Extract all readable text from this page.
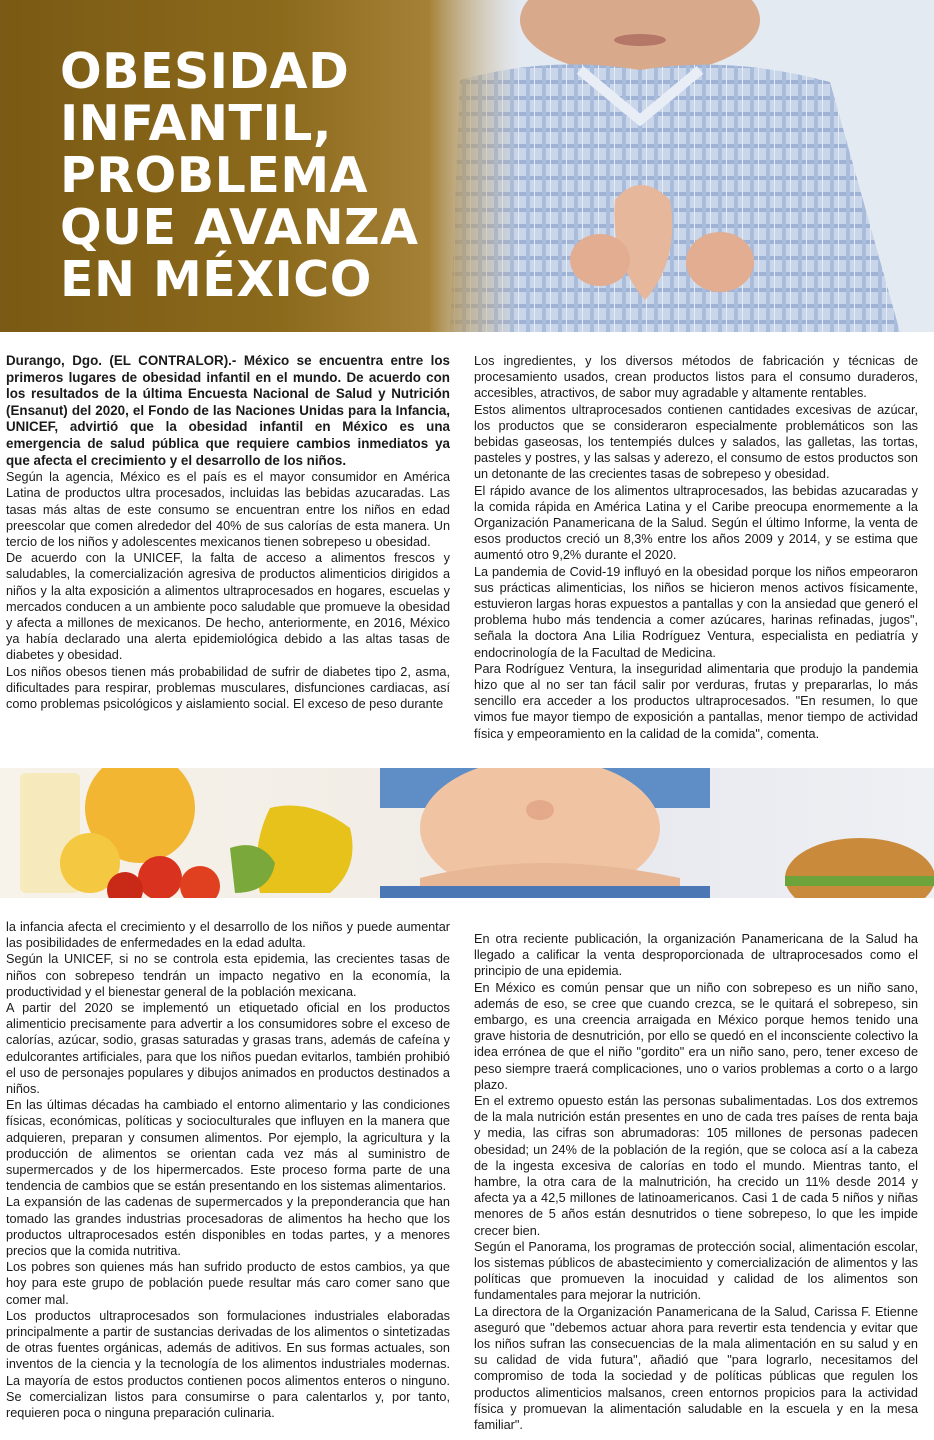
OBESIDAD
INFANTIL,
PROBLEMA
QUE AVANZA
EN MÉXICO

Durango, Dgo. (EL CONTRALOR).- México se encuentra entre los primeros lugares de obesidad infantil en el mundo. De acuerdo con los resultados de la última Encuesta Nacional de Salud y Nutrición (Ensanut) del 2020, el Fondo de las Naciones Unidas para la Infancia, UNICEF, advirtió que la obesidad infantil en México es una emergencia de salud pública que requiere cambios inmediatos ya que afecta el crecimiento y el desarrollo de los niños.

Según la agencia, México es el país es el mayor consumidor en América Latina de productos ultra procesados, incluidas las bebidas azucaradas. Las tasas más altas de este consumo se encuentran entre los niños en edad preescolar que comen alrededor del 40% de sus calorías de esta manera. Un tercio de los niños y adolescentes mexicanos tienen sobrepeso u obesidad.

De acuerdo con la UNICEF, la falta de acceso a alimentos frescos y saludables, la comercialización agresiva de productos alimenticios dirigidos a niños y la alta exposición a alimentos ultraprocesados en hogares, escuelas y mercados conducen a un ambiente poco saludable que promueve la obesidad y afecta a millones de mexicanos. De hecho, anteriormente, en 2016, México ya había declarado una alerta epidemiológica debido a las altas tasas de diabetes y obesidad.

Los niños obesos tienen más probabilidad de sufrir de diabetes tipo 2, asma, dificultades para respirar, problemas musculares, disfunciones cardiacas, así como problemas psicológicos y aislamiento social. El exceso de peso durante

Los ingredientes, y los diversos métodos de fabricación y técnicas de procesamiento usados, crean productos listos para el consumo duraderos, accesibles, atractivos, de sabor muy agradable y altamente rentables.

Estos alimentos ultraprocesados contienen cantidades excesivas de azúcar, los productos que se consideraron especialmente problemáticos son las bebidas gaseosas, los tentempiés dulces y salados, las galletas, las tortas, pasteles y postres, y las salsas y aderezo, el consumo de estos productos son un detonante de las crecientes tasas de sobrepeso y obesidad.

El rápido avance de los alimentos ultraprocesados, las bebidas azucaradas y la comida rápida en América Latina y el Caribe preocupa enormemente a la Organización Panamericana de la Salud. Según el último Informe, la venta de esos productos creció un 8,3% entre los años 2009 y 2014, y se estima que aumentó otro 9,2% durante el 2020.

La pandemia de Covid-19 influyó en la obesidad porque los niños empeoraron sus prácticas alimenticias, los niños se hicieron menos activos físicamente, estuvieron largas horas expuestos a pantallas y con la ansiedad que generó el problema hubo más tendencia a comer azúcares, harinas refinadas, jugos", señala la doctora Ana Lilia Rodríguez Ventura, especialista en pediatría y endocrinología de la Facultad de Medicina.

Para Rodríguez Ventura, la inseguridad alimentaria que produjo la pandemia hizo que al no ser tan fácil salir por verduras, frutas y prepararlas, lo más sencillo era acceder a los productos ultraprocesados. "En resumen, lo que vimos fue mayor tiempo de exposición a pantallas, menor tiempo de actividad física y empeoramiento en la calidad de la comida", comenta.

la infancia afecta el crecimiento y el desarrollo de los niños y puede aumentar las posibilidades de enfermedades en la edad adulta.

Según la UNICEF, si no se controla esta epidemia, las crecientes tasas de niños con sobrepeso tendrán un impacto negativo en la economía, la productividad y el bienestar general de la población mexicana.

A partir del 2020 se implementó un etiquetado oficial en los productos alimenticio precisamente para advertir a los consumidores sobre el exceso de calorías, azúcar, sodio, grasas saturadas y grasas trans, además de cafeína y edulcorantes artificiales, para que los niños puedan evitarlos, también prohibió el uso de personajes populares y dibujos animados en productos destinados a niños.

En las últimas décadas ha cambiado el entorno alimentario y las condiciones físicas, económicas, políticas y socioculturales que influyen en la manera que adquieren, preparan y consumen alimentos. Por ejemplo, la agricultura y la producción de alimentos se orientan cada vez más al suministro de supermercados y de los hipermercados. Este proceso forma parte de una tendencia de cambios que se están presentando en los sistemas alimentarios.

La expansión de las cadenas de supermercados y la preponderancia que han tomado las grandes industrias procesadoras de alimentos ha hecho que los productos ultraprocesados estén disponibles en todas partes, y a menores precios que la comida nutritiva.

Los pobres son quienes más han sufrido producto de estos cambios, ya que hoy para este grupo de población puede resultar más caro comer sano que comer mal.

Los productos ultraprocesados son formulaciones industriales elaboradas principalmente a partir de sustancias derivadas de los alimentos o sintetizadas de otras fuentes orgánicas, además de aditivos. En sus formas actuales, son inventos de la ciencia y la tecnología de los alimentos industriales modernas. La mayoría de estos productos contienen pocos alimentos enteros o ninguno. Se comercializan listos para consumirse o para calentarlos y, por tanto, requieren poca o ninguna preparación culinaria.

En otra reciente publicación, la organización Panamericana de la Salud ha llegado a calificar la venta desproporcionada de ultraprocesados como el principio de una epidemia.

En México es común pensar que un niño con sobrepeso es un niño sano, además de eso, se cree que cuando crezca, se le quitará el sobrepeso, sin embargo, es una creencia arraigada en México porque hemos tenido una grave historia de desnutrición, por ello se quedó en el inconsciente colectivo la idea errónea de que el niño "gordito" era un niño sano, pero, tener exceso de peso siempre traerá complicaciones, uno o varios problemas a corto o a largo plazo.

En el extremo opuesto están las personas subalimentadas. Los dos extremos de la mala nutrición están presentes en uno de cada tres países de renta baja y media, las cifras son abrumadoras: 105 millones de personas padecen obesidad; un 24% de la población de la región, que se coloca así a la cabeza de la ingesta excesiva de calorías en todo el mundo. Mientras tanto, el hambre, la otra cara de la malnutrición, ha crecido un 11% desde 2014 y afecta ya a 42,5 millones de latinoamericanos. Casi 1 de cada 5 niños y niñas menores de 5 años están desnutridos o tiene sobrepeso, lo que les impide crecer bien.

Según el Panorama, los programas de protección social, alimentación escolar, los sistemas públicos de abastecimiento y comercialización de alimentos y las políticas que promueven la inocuidad y calidad de los alimentos son fundamentales para mejorar la nutrición.

La directora de la Organización Panamericana de la Salud, Carissa F. Etienne aseguró que "debemos actuar ahora para revertir esta tendencia y evitar que los niños sufran las consecuencias de la mala alimentación en su salud y en su calidad de vida futura", añadió que "para lograrlo, necesitamos del compromiso de toda la sociedad y de políticas públicas que regulen los productos alimenticios malsanos, creen entornos propicios para la actividad física y promuevan la alimentación saludable en la escuela y en la mesa familiar".
